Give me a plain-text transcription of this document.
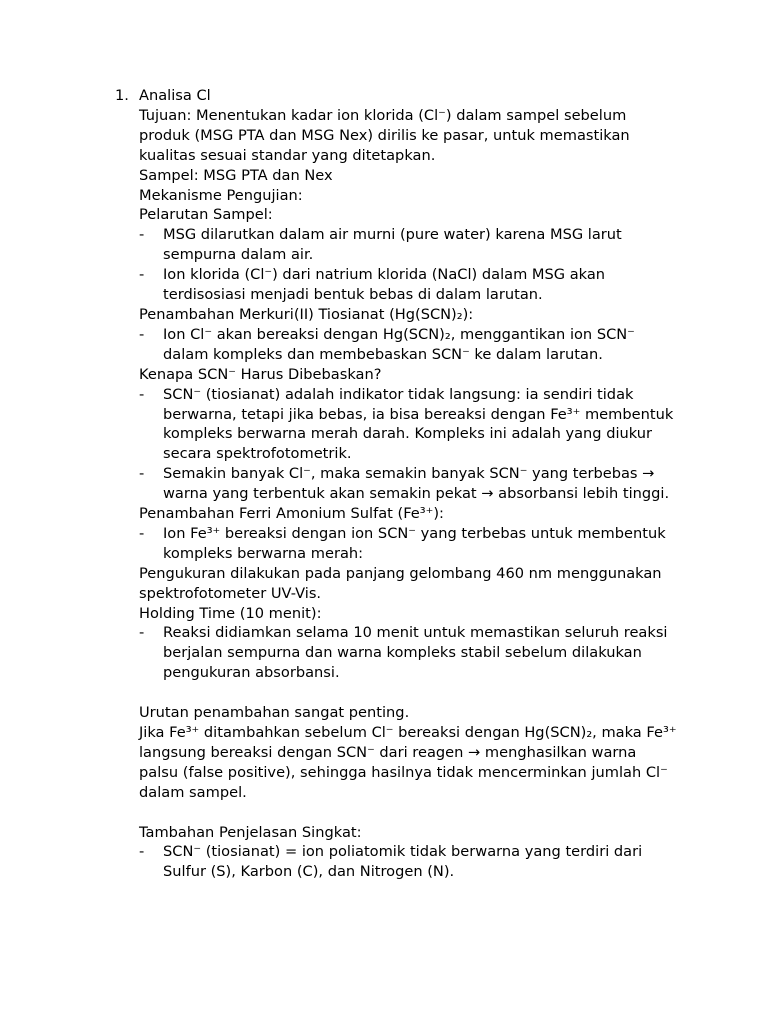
1. Analisa Cl

Tujuan: Menentukan kadar ion klorida (Cl⁻) dalam sampel sebelum produk (MSG PTA dan MSG Nex) dirilis ke pasar, untuk memastikan kualitas sesuai standar yang ditetapkan.

Sampel: MSG PTA dan Nex

Mekanisme Pengujian:

Pelarutan Sampel:

- MSG dilarutkan dalam air murni (pure water) karena MSG larut sempurna dalam air.

- Ion klorida (Cl⁻) dari natrium klorida (NaCl) dalam MSG akan terdisosiasi menjadi bentuk bebas di dalam larutan.

Penambahan Merkuri(II) Tiosianat (Hg(SCN)₂):

- Ion Cl⁻ akan bereaksi dengan Hg(SCN)₂, menggantikan ion SCN⁻ dalam kompleks dan membebaskan SCN⁻ ke dalam larutan.

Kenapa SCN⁻ Harus Dibebaskan?

- SCN⁻ (tiosianat) adalah indikator tidak langsung: ia sendiri tidak berwarna, tetapi jika bebas, ia bisa bereaksi dengan Fe³⁺ membentuk kompleks berwarna merah darah. Kompleks ini adalah yang diukur secara spektrofotometrik.

- Semakin banyak Cl⁻, maka semakin banyak SCN⁻ yang terbebas → warna yang terbentuk akan semakin pekat → absorbansi lebih tinggi.

Penambahan Ferri Amonium Sulfat (Fe³⁺):

- Ion Fe³⁺ bereaksi dengan ion SCN⁻ yang terbebas untuk membentuk kompleks berwarna merah:

Pengukuran dilakukan pada panjang gelombang 460 nm menggunakan spektrofotometer UV-Vis.

Holding Time (10 menit):

- Reaksi didiamkan selama 10 menit untuk memastikan seluruh reaksi berjalan sempurna dan warna kompleks stabil sebelum dilakukan pengukuran absorbansi.

Urutan penambahan sangat penting.

Jika Fe³⁺ ditambahkan sebelum Cl⁻ bereaksi dengan Hg(SCN)₂, maka Fe³⁺ langsung bereaksi dengan SCN⁻ dari reagen → menghasilkan warna palsu (false positive), sehingga hasilnya tidak mencerminkan jumlah Cl⁻ dalam sampel.

Tambahan Penjelasan Singkat:

- SCN⁻ (tiosianat) = ion poliatomik tidak berwarna yang terdiri dari Sulfur (S), Karbon (C), dan Nitrogen (N).
